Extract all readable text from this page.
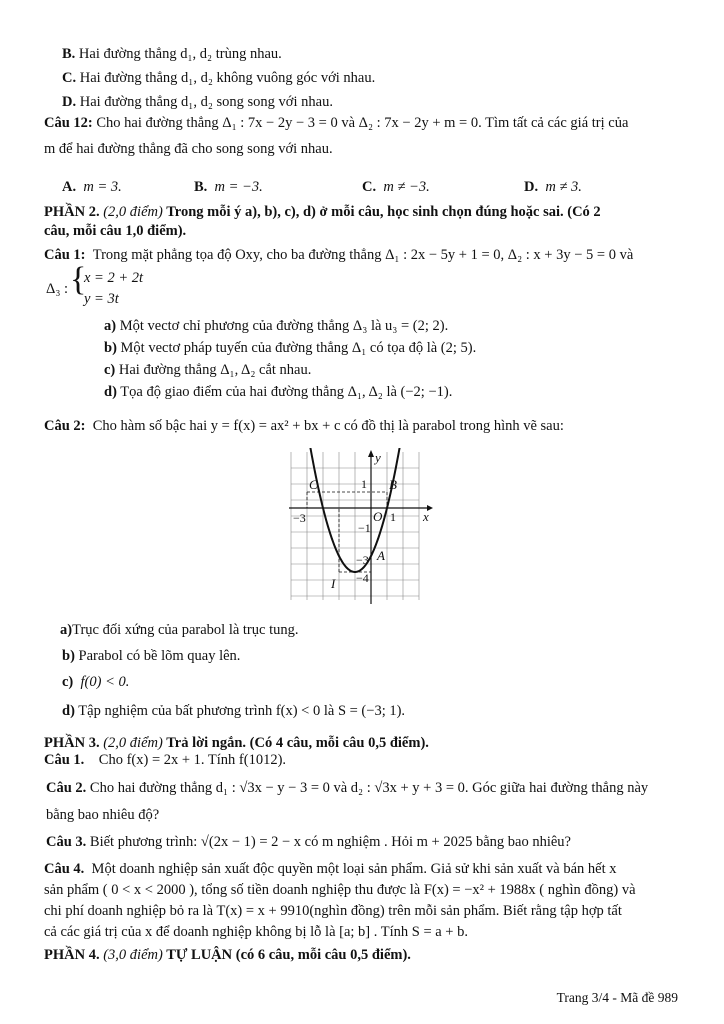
B. Hai đường thẳng d₁, d₂ trùng nhau.
C. Hai đường thẳng d₁, d₂ không vuông góc với nhau.
D. Hai đường thẳng d₁, d₂ song song với nhau.
Câu 12: Cho hai đường thẳng Δ₁ : 7x − 2y − 3 = 0 và Δ₂ : 7x − 2y + m = 0. Tìm tất cả các giá trị của
m để hai đường thẳng đã cho song song với nhau.
A. m = 3.	B. m = −3.	C. m ≠ −3.	D. m ≠ 3.
PHẦN 2. (2,0 điểm) Trong mỗi ý a), b), c), d) ở mỗi câu, học sinh chọn đúng hoặc sai. (Có 2
câu, mỗi câu 1,0 điểm).
Câu 1: Trong mặt phẳng tọa độ Oxy, cho ba đường thẳng Δ₁ : 2x − 5y + 1 = 0, Δ₂ : x + 3y − 5 = 0 và
Δ₃ : {
x = 2 + 2t
y = 3t
a) Một vectơ chỉ phương của đường thẳng Δ₃ là u₃ = (2; 2).
b) Một vectơ pháp tuyến của đường thẳng Δ₁ có tọa độ là (2; 5).
c) Hai đường thẳng Δ₁, Δ₂ cắt nhau.
d) Tọa độ giao điểm của hai đường thẳng Δ₁, Δ₂ là (−2; −1).
Câu 2: Cho hàm số bậc hai y = f(x) = ax² + bx + c có đồ thị là parabol trong hình vẽ sau:
y
x
O
C	B
A
I
−3	1
1
−1
−3
−4
a)Trục đối xứng của parabol là trục tung.
b) Parabol có bề lõm quay lên.
c) f(0) < 0.
d) Tập nghiệm của bất phương trình f(x) < 0 là S = (−3; 1).
PHẦN 3. (2,0 điểm) Trả lời ngắn. (Có 4 câu, mỗi câu 0,5 điểm).
Câu 1. Cho f(x) = 2x + 1. Tính f(1012).
Câu 2. Cho hai đường thẳng d₁ : √3x − y − 3 = 0 và d₂ : √3x + y + 3 = 0. Góc giữa hai đường thẳng này
bằng bao nhiêu độ?
Câu 3. Biết phương trình: √(2x − 1) = 2 − x có m nghiệm . Hỏi m + 2025 bằng bao nhiêu?
Câu 4. Một doanh nghiệp sản xuất độc quyền một loại sản phẩm. Giả sử khi sản xuất và bán hết x
sản phẩm ( 0 < x < 2000 ), tổng số tiền doanh nghiệp thu được là F(x) = −x² + 1988x ( nghìn đồng) và
chi phí doanh nghiệp bỏ ra là T(x) = x + 9910(nghìn đồng) trên mỗi sản phẩm. Biết rằng tập hợp tất
cả các giá trị của x để doanh nghiệp không bị lỗ là [a; b] . Tính S = a + b.
PHẦN 4. (3,0 điểm) TỰ LUẬN (có 6 câu, mỗi câu 0,5 điểm).
Trang 3/4 - Mã đề 989
